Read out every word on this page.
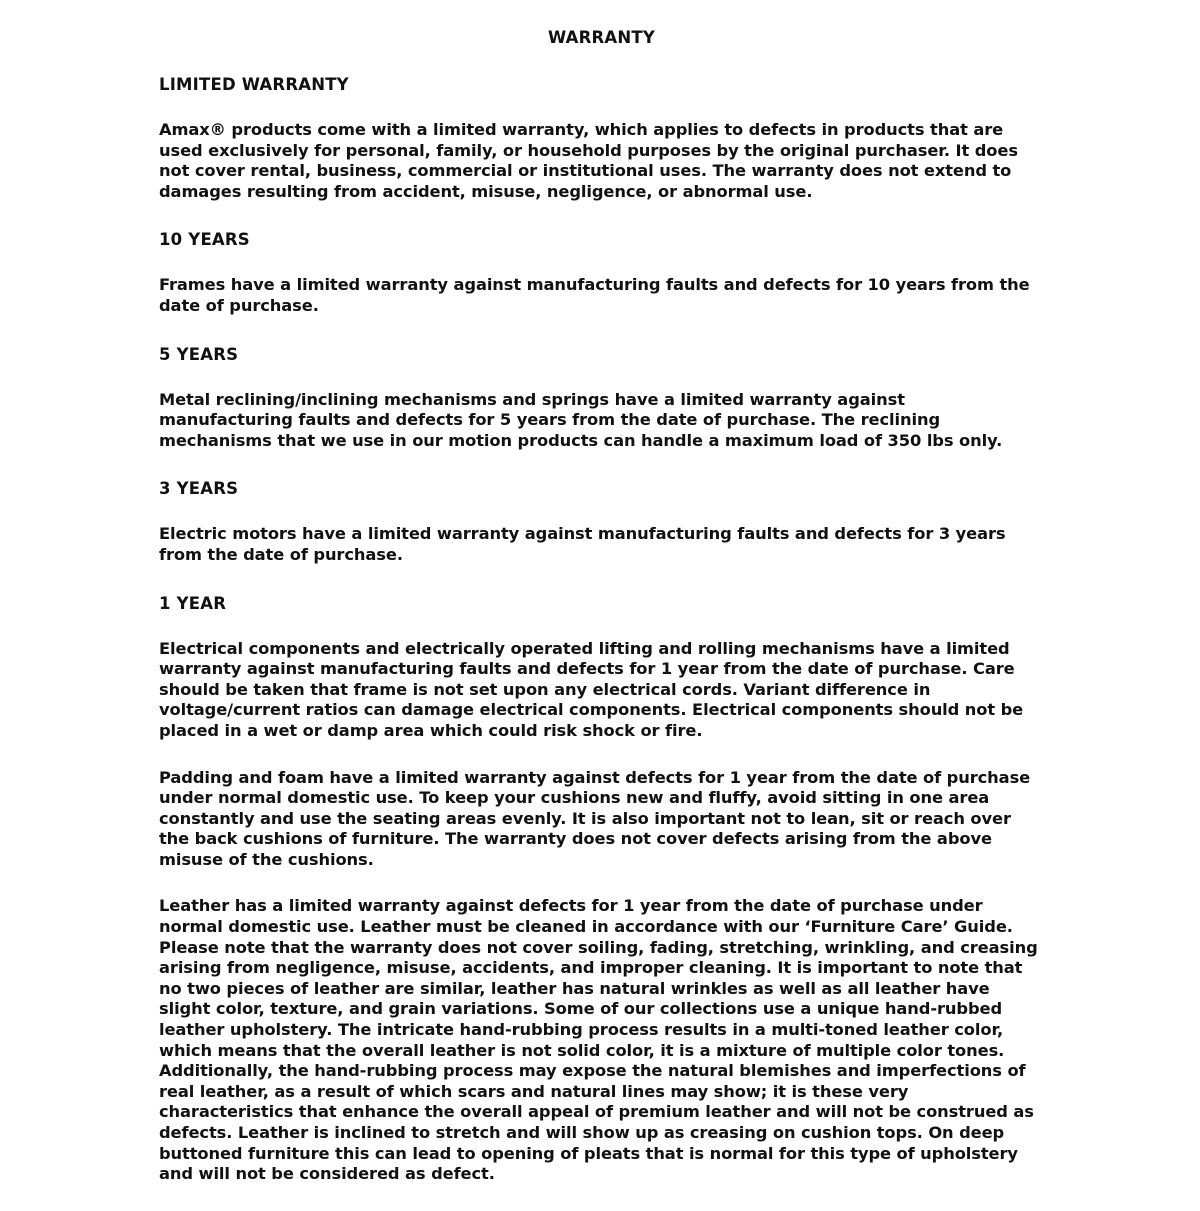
WARRANTY
LIMITED WARRANTY
Amax® products come with a limited warranty, which applies to defects in products that are used exclusively for personal, family, or household purposes by the original purchaser. It does not cover rental, business, commercial or institutional uses. The warranty does not extend to damages resulting from accident, misuse, negligence, or abnormal use.
10 YEARS
Frames have a limited warranty against manufacturing faults and defects for 10 years from the date of purchase.
5 YEARS
Metal reclining/inclining mechanisms and springs have a limited warranty against manufacturing faults and defects for 5 years from the date of purchase. The reclining mechanisms that we use in our motion products can handle a maximum load of 350 lbs only.
3 YEARS
Electric motors have a limited warranty against manufacturing faults and defects for 3 years from the date of purchase.
1 YEAR
Electrical components and electrically operated lifting and rolling mechanisms have a limited warranty against manufacturing faults and defects for 1 year from the date of purchase. Care should be taken that frame is not set upon any electrical cords. Variant difference in voltage/current ratios can damage electrical components. Electrical components should not be placed in a wet or damp area which could risk shock or fire.
Padding and foam have a limited warranty against defects for 1 year from the date of purchase under normal domestic use. To keep your cushions new and fluffy, avoid sitting in one area constantly and use the seating areas evenly. It is also important not to lean, sit or reach over the back cushions of furniture. The warranty does not cover defects arising from the above misuse of the cushions.
Leather has a limited warranty against defects for 1 year from the date of purchase under normal domestic use. Leather must be cleaned in accordance with our ‘Furniture Care’ Guide. Please note that the warranty does not cover soiling, fading, stretching, wrinkling, and creasing arising from negligence, misuse, accidents, and improper cleaning. It is important to note that no two pieces of leather are similar, leather has natural wrinkles as well as all leather have slight color, texture, and grain variations. Some of our collections use a unique hand-rubbed leather upholstery. The intricate hand-rubbing process results in a multi-toned leather color, which means that the overall leather is not solid color, it is a mixture of multiple color tones. Additionally, the hand-rubbing process may expose the natural blemishes and imperfections of real leather, as a result of which scars and natural lines may show; it is these very characteristics that enhance the overall appeal of premium leather and will not be construed as defects. Leather is inclined to stretch and will show up as creasing on cushion tops. On deep buttoned furniture this can lead to opening of pleats that is normal for this type of upholstery and will not be considered as defect.
